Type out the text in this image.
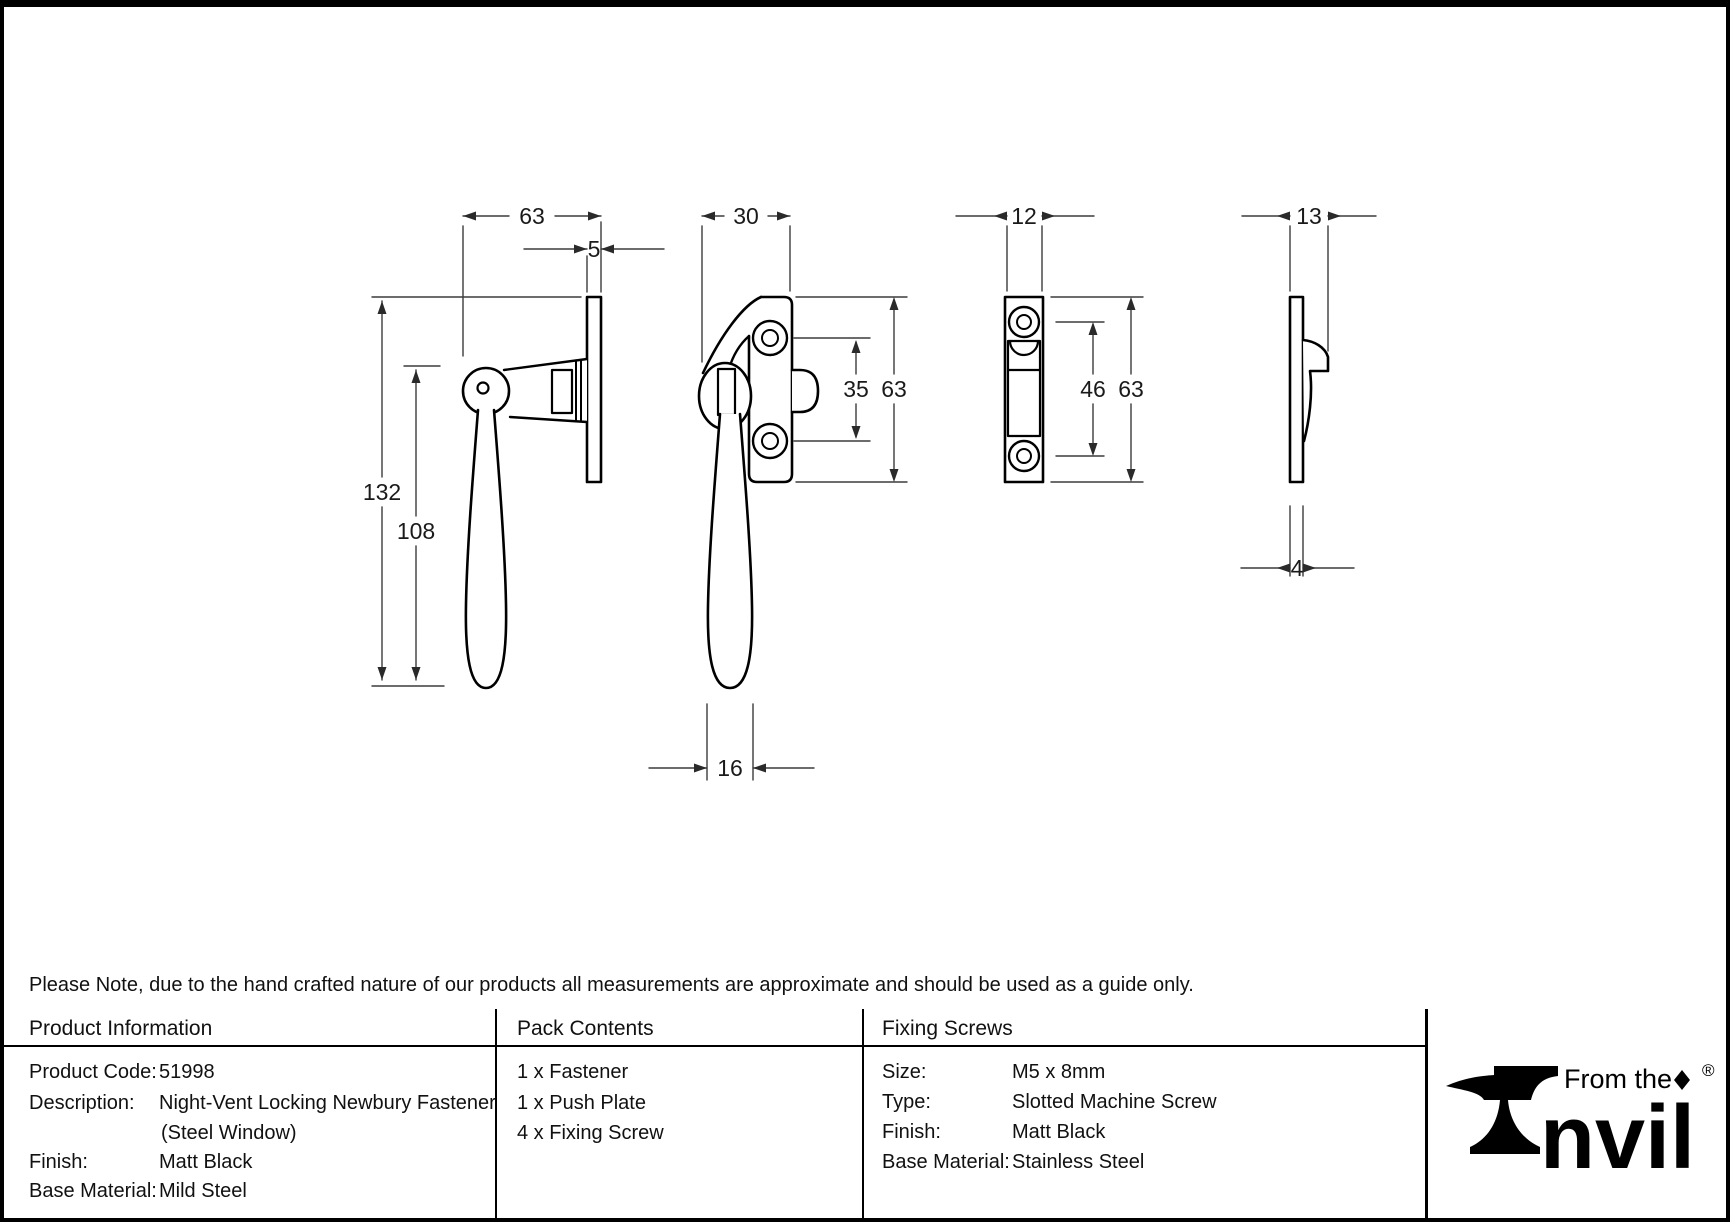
63
5
132
108
30
35 63
16
12
46 63
13
4
Please Note, due to the hand crafted nature of our products all measurements are approximate and should be used as a guide only.
Product Information	Pack Contents	Fixing Screws
Product Code: 51998
Description: Night-Vent Locking Newbury Fastener
(Steel Window)
Finish:	Matt Black
Base Material: Mild Steel
1 x Fastener
1 x Push Plate
4 x Fixing Screw
Size:	M5 x 8mm
Type:	Slotted Machine Screw
Finish:	Matt Black
Base Material: Stainless Steel
From the
nvil
®
